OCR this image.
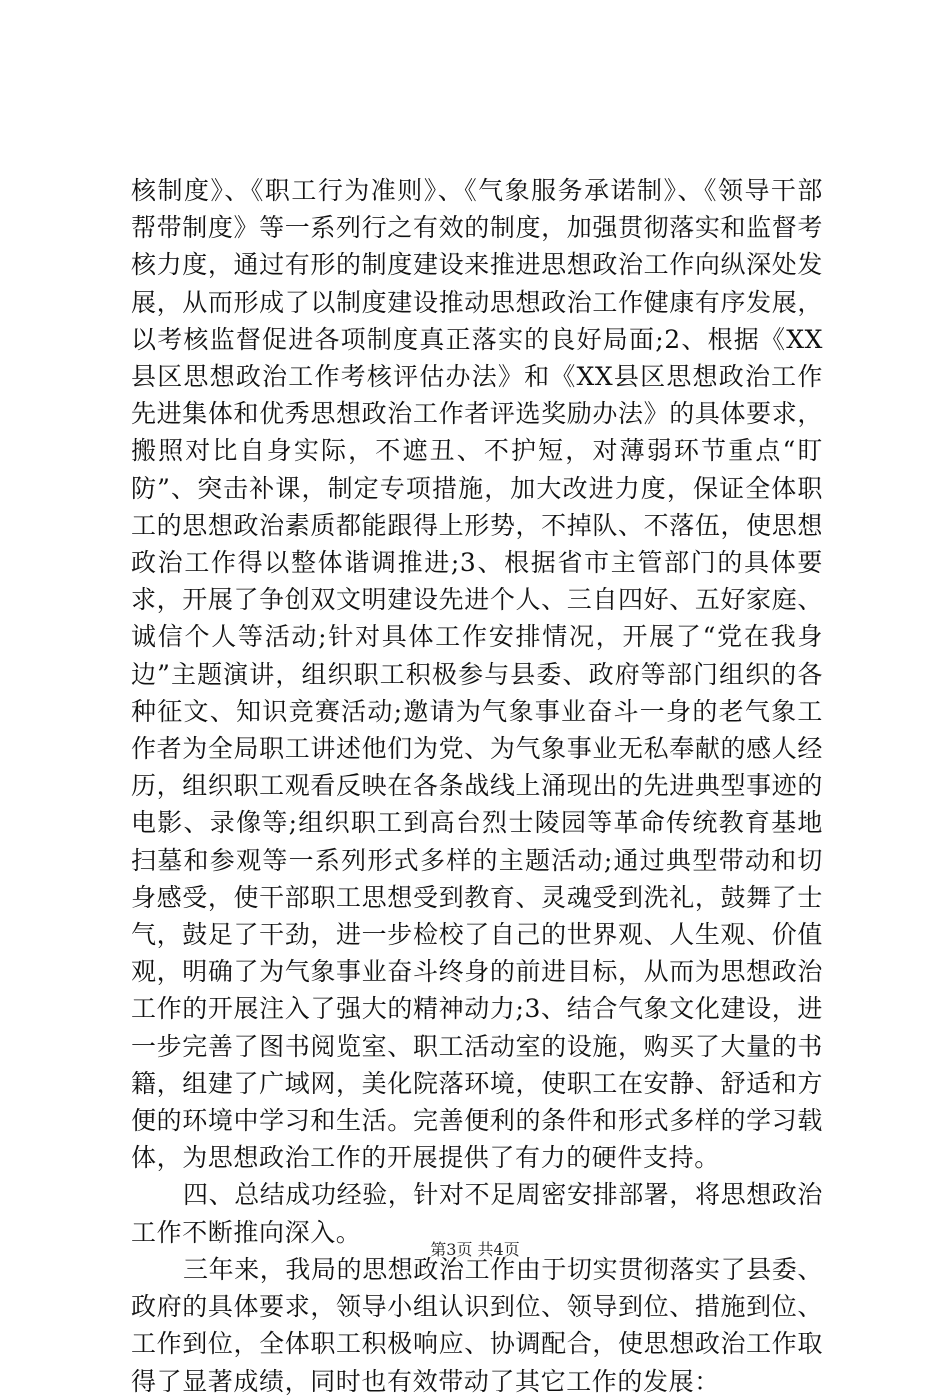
核制度》、《职工行为准则》、《气象服务承诺制》、《领导干部帮带制度》等一系列行之有效的制度，加强贯彻落实和监督考核力度，通过有形的制度建设来推进思想政治工作向纵深处发展，从而形成了以制度建设推动思想政治工作健康有序发展，以考核监督促进各项制度真正落实的良好局面;2、根据《XX县区思想政治工作考核评估办法》和《XX县区思想政治工作先进集体和优秀思想政治工作者评选奖励办法》的具体要求，搬照对比自身实际，不遮丑、不护短，对薄弱环节重点“盯防”、突击补课，制定专项措施，加大改进力度，保证全体职工的思想政治素质都能跟得上形势，不掉队、不落伍，使思想政治工作得以整体谐调推进;3、根据省市主管部门的具体要求，开展了争创双文明建设先进个人、三自四好、五好家庭、诚信个人等活动;针对具体工作安排情况，开展了“党在我身边”主题演讲，组织职工积极参与县委、政府等部门组织的各种征文、知识竞赛活动;邀请为气象事业奋斗一身的老气象工作者为全局职工讲述他们为党、为气象事业无私奉献的感人经历，组织职工观看反映在各条战线上涌现出的先进典型事迹的电影、录像等;组织职工到高台烈士陵园等革命传统教育基地扫墓和参观等一系列形式多样的主题活动;通过典型带动和切身感受，使干部职工思想受到教育、灵魂受到洗礼，鼓舞了士气，鼓足了干劲，进一步检校了自己的世界观、人生观、价值观，明确了为气象事业奋斗终身的前进目标，从而为思想政治工作的开展注入了强大的精神动力;3、结合气象文化建设，进一步完善了图书阅览室、职工活动室的设施，购买了大量的书籍，组建了广域网，美化院落环境，使职工在安静、舒适和方便的环境中学习和生活。完善便利的条件和形式多样的学习载体，为思想政治工作的开展提供了有力的硬件支持。

四、总结成功经验，针对不足周密安排部署，将思想政治工作不断推向深入。

三年来，我局的思想政治工作由于切实贯彻落实了县委、政府的具体要求，领导小组认识到位、领导到位、措施到位、工作到位，全体职工积极响应、协调配合，使思想政治工作取得了显著成绩，同时也有效带动了其它工作的发展：

第3页 共4页
